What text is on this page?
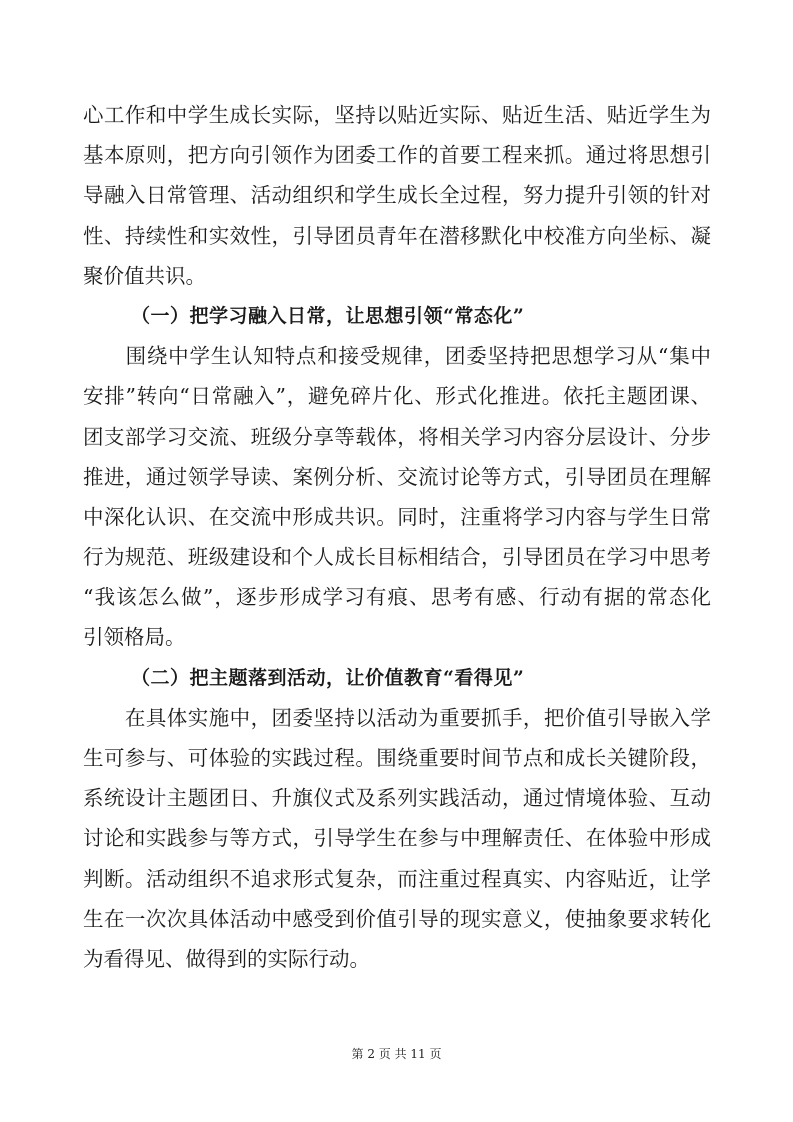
心工作和中学生成长实际，坚持以贴近实际、贴近生活、贴近学生为
基本原则，把方向引领作为团委工作的首要工程来抓。通过将思想引
导融入日常管理、活动组织和学生成长全过程，努力提升引领的针对
性、持续性和实效性，引导团员青年在潜移默化中校准方向坐标、凝
聚价值共识。
（一）把学习融入日常，让思想引领“常态化”
　　围绕中学生认知特点和接受规律，团委坚持把思想学习从“集中
安排”转向“日常融入”，避免碎片化、形式化推进。依托主题团课、
团支部学习交流、班级分享等载体，将相关学习内容分层设计、分步
推进，通过领学导读、案例分析、交流讨论等方式，引导团员在理解
中深化认识、在交流中形成共识。同时，注重将学习内容与学生日常
行为规范、班级建设和个人成长目标相结合，引导团员在学习中思考
“我该怎么做”，逐步形成学习有痕、思考有感、行动有据的常态化
引领格局。
（二）把主题落到活动，让价值教育“看得见”
　　在具体实施中，团委坚持以活动为重要抓手，把价值引导嵌入学
生可参与、可体验的实践过程。围绕重要时间节点和成长关键阶段，
系统设计主题团日、升旗仪式及系列实践活动，通过情境体验、互动
讨论和实践参与等方式，引导学生在参与中理解责任、在体验中形成
判断。活动组织不追求形式复杂，而注重过程真实、内容贴近，让学
生在一次次具体活动中感受到价值引导的现实意义，使抽象要求转化
为看得见、做得到的实际行动。
第 2 页 共 11 页
